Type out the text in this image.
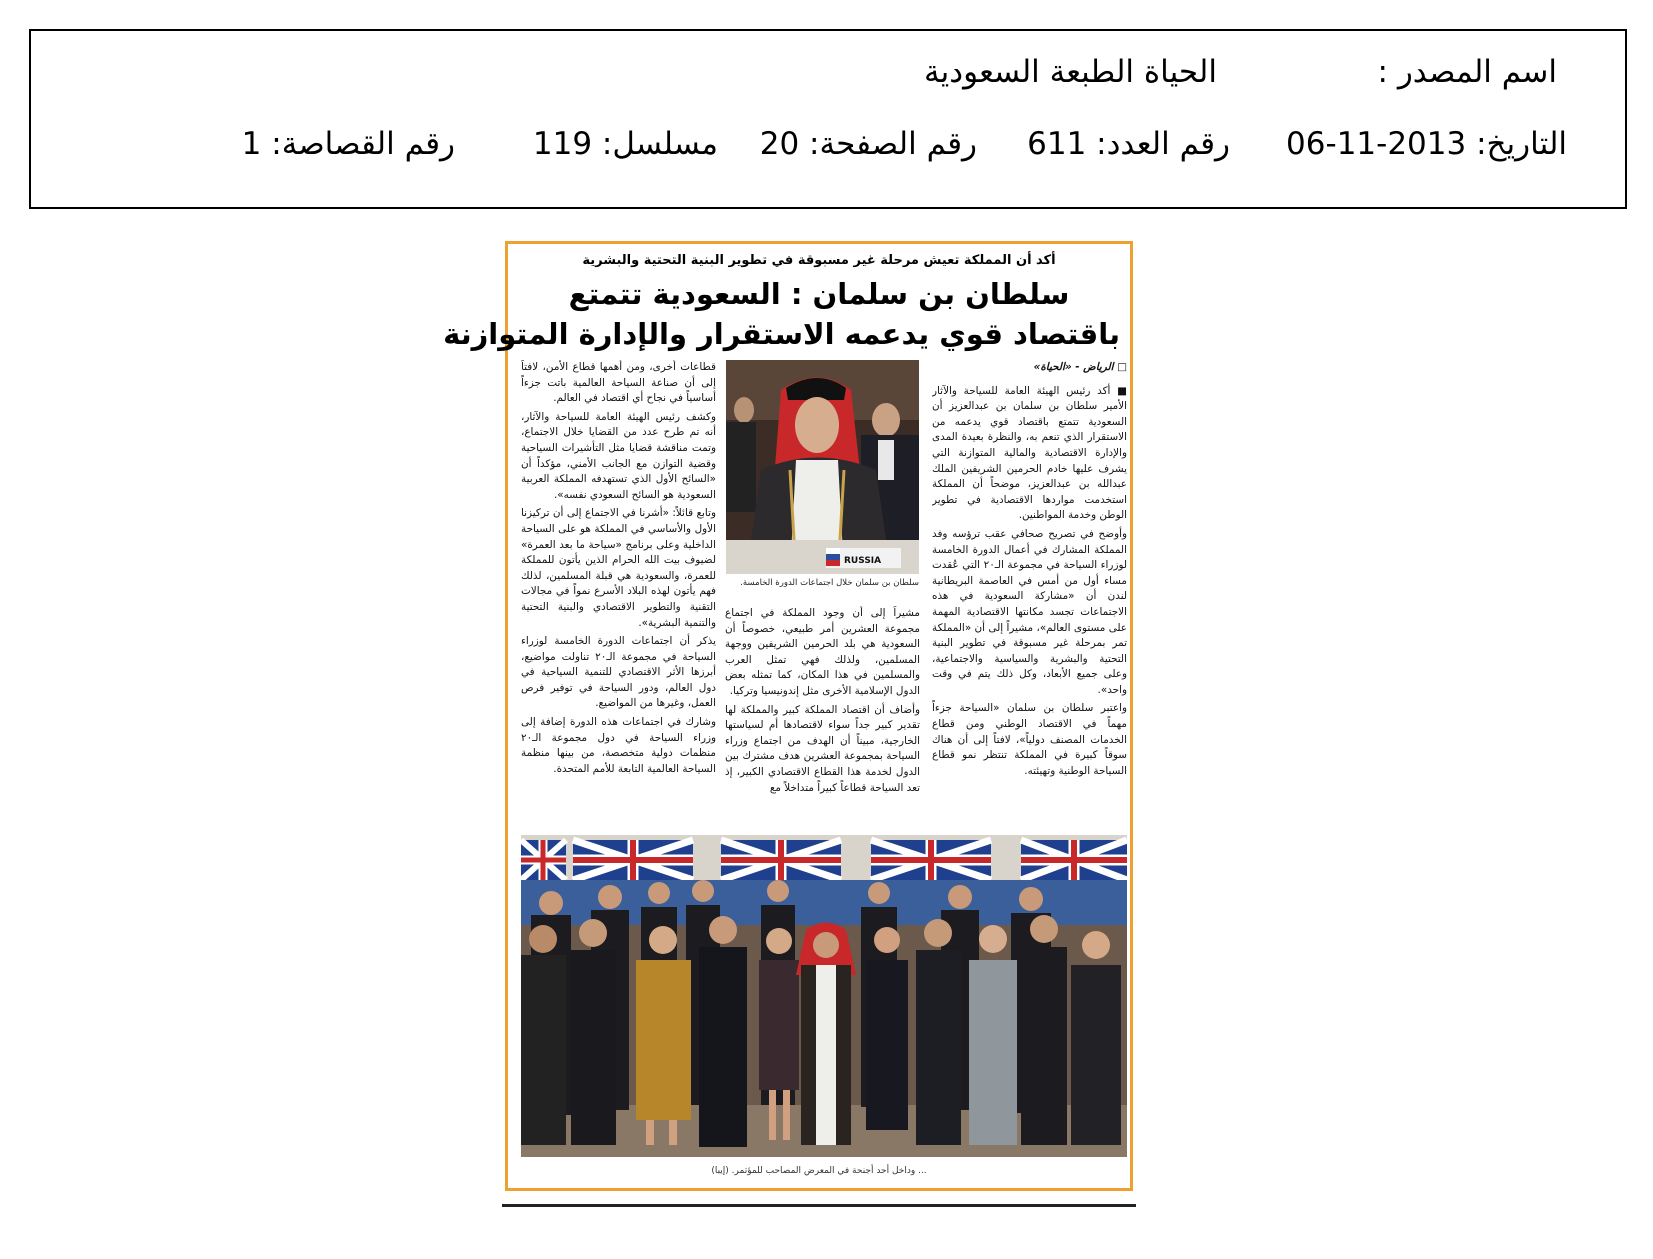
اسم المصدر :
الحياة الطبعة السعودية
التاريخ: 2013-11-06
رقم العدد: 611
رقم الصفحة: 20
مسلسل: 119
رقم القصاصة: 1
أكد أن المملكة تعيش مرحلة غير مسبوقة في تطوير البنية التحتية والبشرية
سلطان بن سلمان : السعودية تتمتع
باقتصاد قوي يدعمه الاستقرار والإدارة المتوازنة

□ الرياض - «الحياة»

■ أكد رئيس الهيئة العامة للسياحة والآثار الأمير سلطان بن سلمان بن عبدالعزيز أن السعودية تتمتع باقتصاد قوي يدعمه من الاستقرار الذي تنعم به، والنظرة بعيدة المدى والإدارة الاقتصادية والمالية المتوازنة التي يشرف عليها خادم الحرمين الشريفين الملك عبدالله بن عبدالعزيز، موضحاً أن المملكة استخدمت مواردها الاقتصادية في تطوير الوطن وخدمة المواطنين.

وأوضح في تصريح صحافي عقب ترؤسه وفد المملكة المشارك في أعمال الدورة الخامسة لوزراء السياحة في مجموعة الـ٢٠ التي عُقدت مساء أول من أمس في العاصمة البريطانية لندن أن «مشاركة السعودية في هذه الاجتماعات تجسد مكانتها الاقتصادية المهمة على مستوى العالم»، مشيراً إلى أن «المملكة تمر بمرحلة غير مسبوقة في تطوير البنية التحتية والبشرية والسياسية والاجتماعية، وعلى جميع الأبعاد، وكل ذلك يتم في وقت واحد».

واعتبر سلطان بن سلمان «السياحة جزءاً مهماً في الاقتصاد الوطني ومن قطاع الخدمات المصنف دولياً»، لافتاً إلى أن هناك سوقاً كبيرة في المملكة تنتظر نمو قطاع السياحة الوطنية وتهيئته.

RUSSIA
سلطان بن سلمان خلال اجتماعات الدورة الخامسة.

مشيراً إلى أن وجود المملكة في اجتماع مجموعة العشرين أمر طبيعي، خصوصاً أن السعودية هي بلد الحرمين الشريفين ووجهة المسلمين، ولذلك فهي تمثل العرب والمسلمين في هذا المكان، كما تمثله بعض الدول الإسلامية الأخرى مثل إندونيسيا وتركيا.

وأضاف أن اقتصاد المملكة كبير والمملكة لها تقدير كبير جداً سواء لاقتصادها أم لسياستها الخارجية، مبيناً أن الهدف من اجتماع وزراء السياحة بمجموعة العشرين هدف مشترك بين الدول لخدمة هذا القطاع الاقتصادي الكبير، إذ تعد السياحة قطاعاً كبيراً متداخلاً مع

قطاعات أخرى، ومن أهمها قطاع الأمن، لافتاً إلى أن صناعة السياحة العالمية باتت جزءاً أساسياً في نجاح أي اقتصاد في العالم.

وكشف رئيس الهيئة العامة للسياحة والآثار، أنه تم طرح عدد من القضايا خلال الاجتماع، وتمت مناقشة قضايا مثل التأشيرات السياحية وقضية التوازن مع الجانب الأمني، مؤكداً أن «السائح الأول الذي تستهدفه المملكة العربية السعودية هو السائح السعودي نفسه».

وتابع قائلاً: «أشرنا في الاجتماع إلى أن تركيزنا الأول والأساسي في المملكة هو على السياحة الداخلية وعلى برنامج «سياحة ما بعد العمرة» لضيوف بيت الله الحرام الذين يأتون للمملكة للعمرة، والسعودية هي قبلة المسلمين، لذلك فهم يأتون لهذه البلاد الأسرع نمواً في مجالات التقنية والتطوير الاقتصادي والبنية التحتية والتنمية البشرية».

يذكر أن اجتماعات الدورة الخامسة لوزراء السياحة في مجموعة الـ٢٠ تناولت مواضيع، أبرزها الأثر الاقتصادي للتنمية السياحية في دول العالم، ودور السياحة في توفير فرص العمل، وغيرها من المواضيع.

وشارك في اجتماعات هذه الدورة إضافة إلى وزراء السياحة في دول مجموعة الـ٢٠ منظمات دولية متخصصة، من بينها منظمة السياحة العالمية التابعة للأمم المتحدة.

... وداخل أحد أجنحة في المعرض المصاحب للمؤتمر. (إيبا)
